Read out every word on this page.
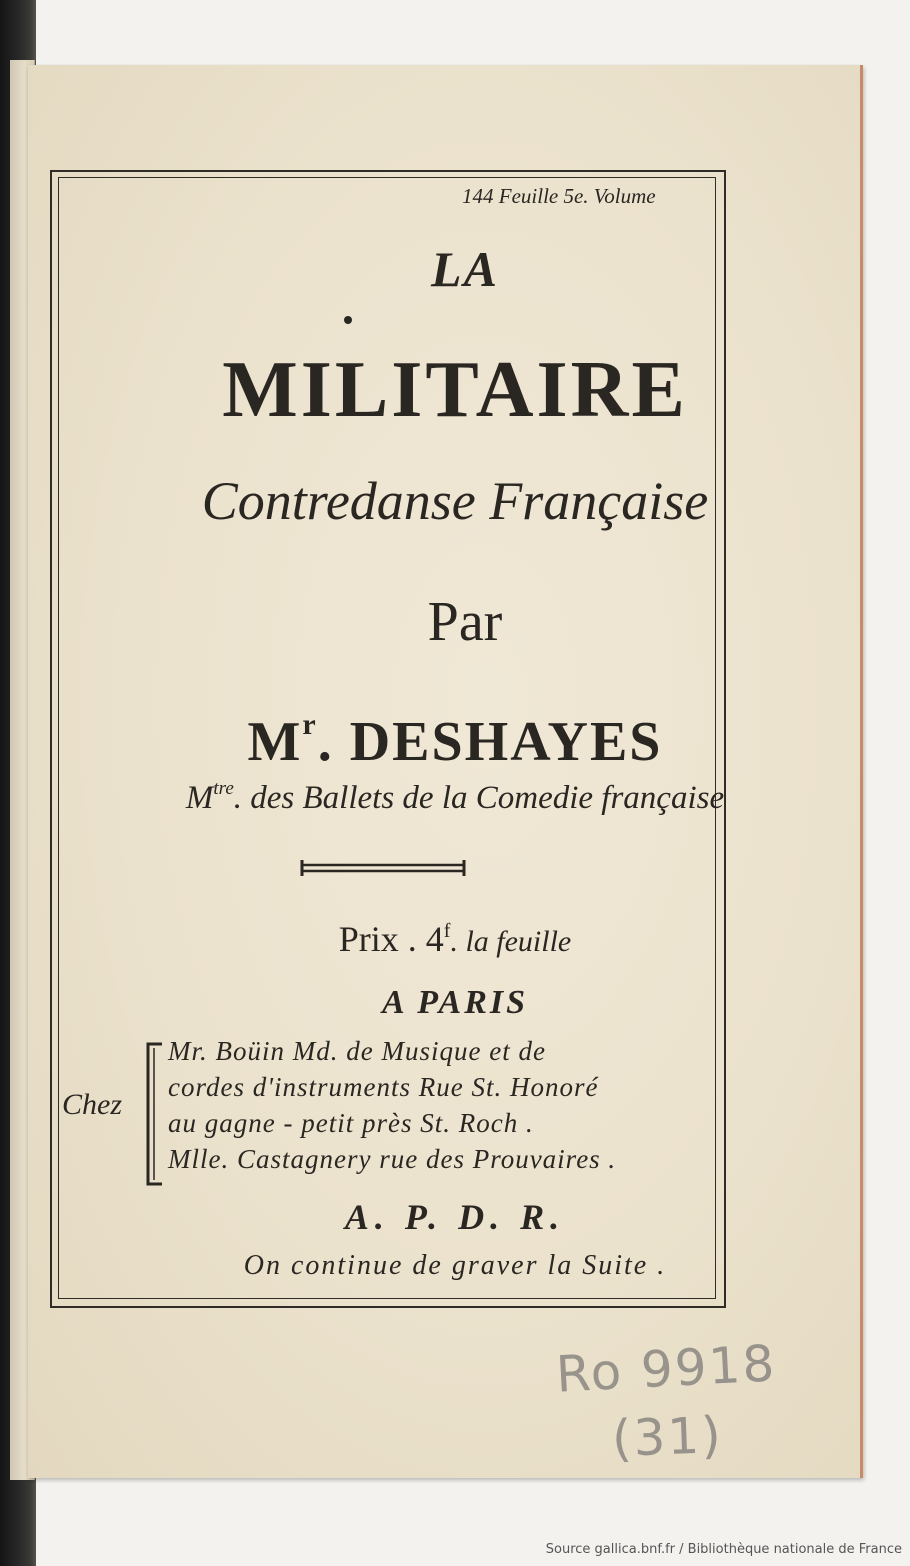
144 Feuille 5e. Volume
LA
MILITAIRE
Contredanse Française
Par
$M^r$. DESHAYES
$M^{tre}$. des Ballets de la Comedie française
Prix . 4$^f$. la feuille
A PARIS
Chez
Mr. Boüin Md. de Musique et de
cordes d'instruments Rue St. Honoré
au gagne - petit près St. Roch .
Mlle. Castagnery rue des Prouvaires .
A. P. D. R.
On continue de graver la Suite .
Ro 9918
(31)
Source gallica.bnf.fr / Bibliothèque nationale de France
